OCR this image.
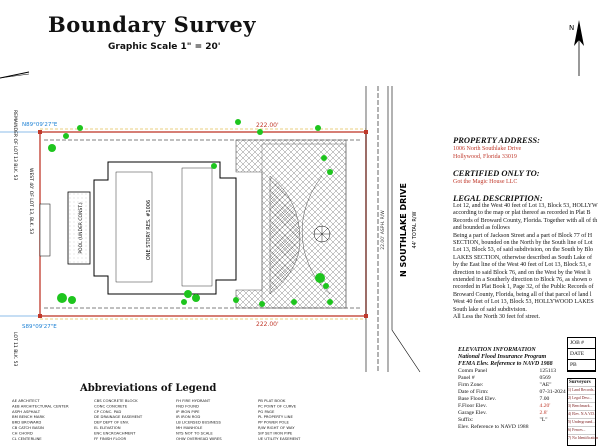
Boundary Survey
Graphic Scale 1" = 20'
N
ONE STORY RES. #1006
POOL (UNDER CONST.)	N SOUTHLAKE DRIVE 44' TOTAL R/W
22.00' ASPH. R/W
222.00'
222.00'
N89°09'27"E
S89°09'27"E
REMAINDER OF LOT 13 BLK. 53
WEST 40' OF LOT 13, BLK. 53
LOT 11 BLK. 53
PROPERTY ADDRESS:
1006 North Southlake Drive
Hollywood, Florida 33019
CERTIFIED ONLY TO:
Got the Magic House LLC
LEGAL DESCRIPTION:
Lot 12, and the West 40 feet of Lot 13, Block 53, HOLLYW
according to the map or plat thereof as recorded in Plat B
Records of Broward County, Florida. Together with all of th
and bounded as follows
Being a part of Jackson Street and a part of Block 77 of H
SECTION, bounded on the North by the South line of Lot
Lot 13, Block 53, of said subdivision, on the South by Blo
LAKES SECTION, otherwise described as South Lake of
by the East line of the West 40 feet of Lot 13, Block 53, e
direction to said Block 76, and on the West by the West li
extended in a Southerly direction to Block 76, as shown o
recorded in Plat Book 1, Page 32, of the Public Records of
Broward County, Florida, being all of that parcel of land l
West 40 feet of Lot 13, Block 53, HOLLYWOOD LAKES
South lake of said subdivision.
All Less the North 30 feet fof street.
ELEVATION INFORMATION
National Flood Insurance Program
FEMA Elev. Reference to NAVD 1988
Comm Panel	125113
Panel #	0569
Firm Zone:	"AE"
Date of Firm:	07-31-2024
Base Flood Elev.	7.00
F.Floor Elev.	4.20'
Garage Elev.	2.8'
Suffix:	"L"
Elev. Reference to NAVD 1988	
JOB #
DATE
PB
Surveyors
1) Land Records...
2) Legal Desc...
3) Benchmark...
4) Elev. N.A.V.D.
5) Underground...
6) Fences...
7) No Identification
Abbreviations of Legend
AE ARCHITECT
AEB ARCHITECTURAL CENTER
ASPH ASPHALT
BM BENCH MARK
BRD BROWARD
CB CATCH BASIN
CH CHORD
CL CENTERLINE
CBS CONCRETE BLOCK
CONC CONCRETE
CP CONC. PAD
DE DRAINAGE EASEMENT
DEP DEPT OF ENV.
EL ELEVATION
ENC ENCROACHMENT
FF FINISH FLOOR
FH FIRE HYDRANT
FND FOUND
IP IRON PIPE
IR IRON ROD
LB LICENSED BUSINESS
MH MANHOLE
NTS NOT TO SCALE
OHW OVERHEAD WIRES
PB PLAT BOOK
PC POINT OF CURVE
PG PAGE
PL PROPERTY LINE
PP POWER POLE
R/W RIGHT OF WAY
SIP SET IRON PIPE
UE UTILITY EASEMENT
